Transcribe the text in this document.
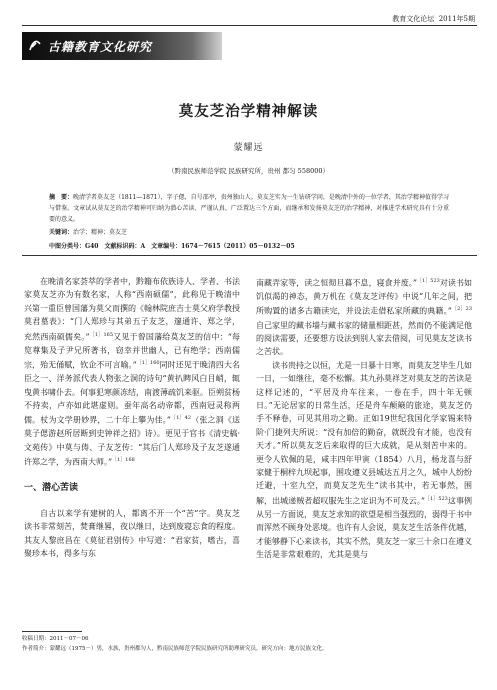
教育文化论坛 2011年5期
古籍教育文化研究
莫友芝治学精神解读
蒙耀远
（黔南民族师范学院 民族研究所，贵州 都匀 558000）
摘　要：晚清学者莫友芝（1811—1871），字子偲，自号邵亭，贵州独山人。莫友芝实为一生钻研学问，是晚清中外的一位学者，其治学精神值得学习与借鉴。文章试从莫友芝的治学精神可归纳为潜心苦读、严谨认真、广泛置达三个方面，而继承和发扬莫友芝的治学精神，对推进学术研究具有十分重要的意义。
关键词：治学；精神；莫友芝
中图分类号：G40　文献标识码：A　文章编号：1674－7615（2011）05－0132－05

在晚清名家荟萃的学者中，黔籍布依族诗人、学者、书法家莫友芝亦为有数名家，人称“西南硕儒”，此称见于晚清中兴第一重臣曾国藩为莫父而撰的《翰林院庶吉士莫父府学教授莫君墓表》：“门人郑珍与其弟五子友芝，邃通许、郑之学，充然西南硕儒矣。”$^{[1]165}$又见于曾国藩给莫友芝的信中：“每览尊集及子尹兄所著书，窃幸并世幽人，已有绝学；西南儒宗，殆无俑赋，钦企不可言喻。”$^{[1]160}$同时还见于晚清四大名臣之一、洋务派代表人物张之洞的诗句“黄扒睥风白目峭，辄曳黄书啸仆去。何事犯寒颜冻结，南渡薄疏饥来驱。臣朔贫杨不持卖，卢亦如此堪虚则。蚕年高名动帝都，西南冠灵称两儒。杖为文学册妙界，二十年上攀为佳。”$^{[1]42}$（张之洞《送莫子偲游赵所居断到史钟祥之招》诗）。更见于官书《清史稿·文苑传》中莫与俦、子友芝传：“其后门人郑珍及子友芝遂通许郑之学，为西南大师。”$^{[1]168}$

一、潜心苦读

自古以来学有建树的人，都离不开一个“苦”字。莫友芝读书非常刻苦，焚膏继晷，夜以继日，达到废寝忘食的程度。其友人黎庶昌在《莫征君别传》中写道：“君家贫，嗜古，喜聚珍本书，得多与东

南藏弄家等，读之恒彻旦暮不息，寝食并废。”$^{[1]523}$对读书如饥似渴的神态，黄万机在《莫友芝评传》中说“几年之间，把所购置的诸多古籍读完，并设法走借私家所藏的典籍。”$^{[2]23}$自己家里的藏书墙与藏书家的储量相距甚，然而仍不能满足他的阅读需要，还要想方设法到别人家去借阅，可见莫友芝读书之苦状。

读书贵持之以恒，尤是一日暴十日寒，而莫友芝毕生几如一日，一如继往，毫不松懈。其九孙莫祥芝对莫友芝的苦读是这样记述的，“平居及舟车往来，一卷在手，四十年无顿日。”无论居家的日常生活，还是舟车颠簸的旅途，莫友芝仍手不释卷，可见其用功之勤。正如19世纪我国化学家锡来特阶·门捷列夫所说：“没有加倍的勤奋，就既没有才能，也没有天才。”所以莫友芝后来取得的巨大成就，是从刻苦中来的。更令人钦佩的是，咸丰四年甲寅（1854）八月，杨龙喜与舒家健于桐梓九坝起事，围攻遵义县城达五月之久，城中人纷纷迁避，十室九空，而莫友芝先生“读书其中，若无事然，围解，出城递贼者超叹服先生之定识为不可及云。”$^{[1]523}$这事例从另一方面说，莫友芝求知的欲望是相当强烈的，弱得于书中而浑然不顾身处恶境。也许有人会说，莫友芝生活条件优越，才能够静下心来读书，其实不然，莫友芝一家三十余口在遵义生活是非常艰难的，尤其是莫与

收稿日期：2011－07－06
作者简介：蒙耀远（1975－）男，水族，贵州都匀人，黔南民族师范学院民族研究所助理研究员，研究方向：地方民族文化。
